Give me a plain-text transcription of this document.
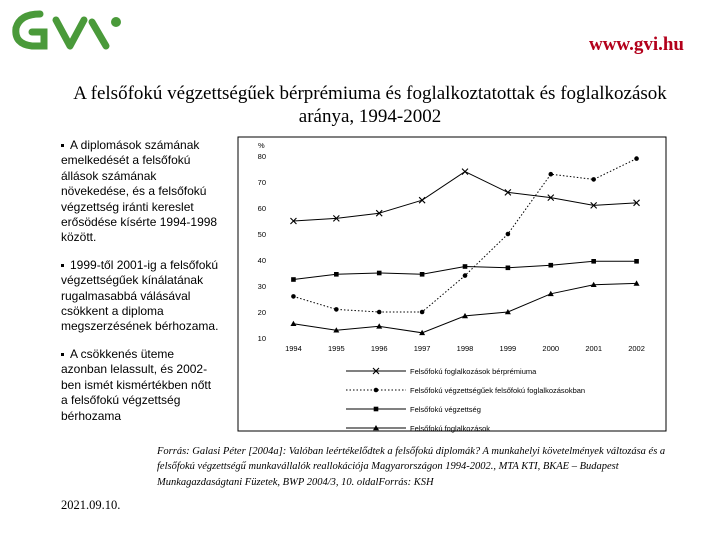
www.gvi.hu
A felsőfokú végzettségűek bérprémiuma és foglalkoztatottak és foglalkozások aránya, 1994-2002
A diplomások számának emelkedését a felsőfokú állások számának növekedése, és a felsőfokú végzettség iránti kereslet erősödése kísérte 1994-1998 között.
1999-től 2001-ig a felsőfokú végzettségűek kínálatának rugalmasabbá válásával csökkent a diploma megszerzésének bérhozama.
A csökkenés üteme azonban lelassult, és 2002-ben ismét kismértékben nőtt a felsőfokú végzettség bérhozama
%
10
20
30
40
50
60
70
80
1994	1995	1996	1997	1998	1999	2000	2001	2002
Felsőfokú foglalkozások bérprémiuma
Felsőfokú végzettségűek felsőfokú foglalkozásokban
Felsőfokú végzettség
Felsőfokú foglalkozások
Forrás: Galasi Péter [2004a]: Valóban leértékelődtek a felsőfokú diplomák? A munkahelyi követelmények változása és a felsőfokú végzettségű munkavállalók reallokációja Magyarországon 1994-2002., MTA KTI, BKAE – Budapest Munkagazdaságtani Füzetek, BWP 2004/3, 10. oldalForrás: KSH
2021.09.10.
